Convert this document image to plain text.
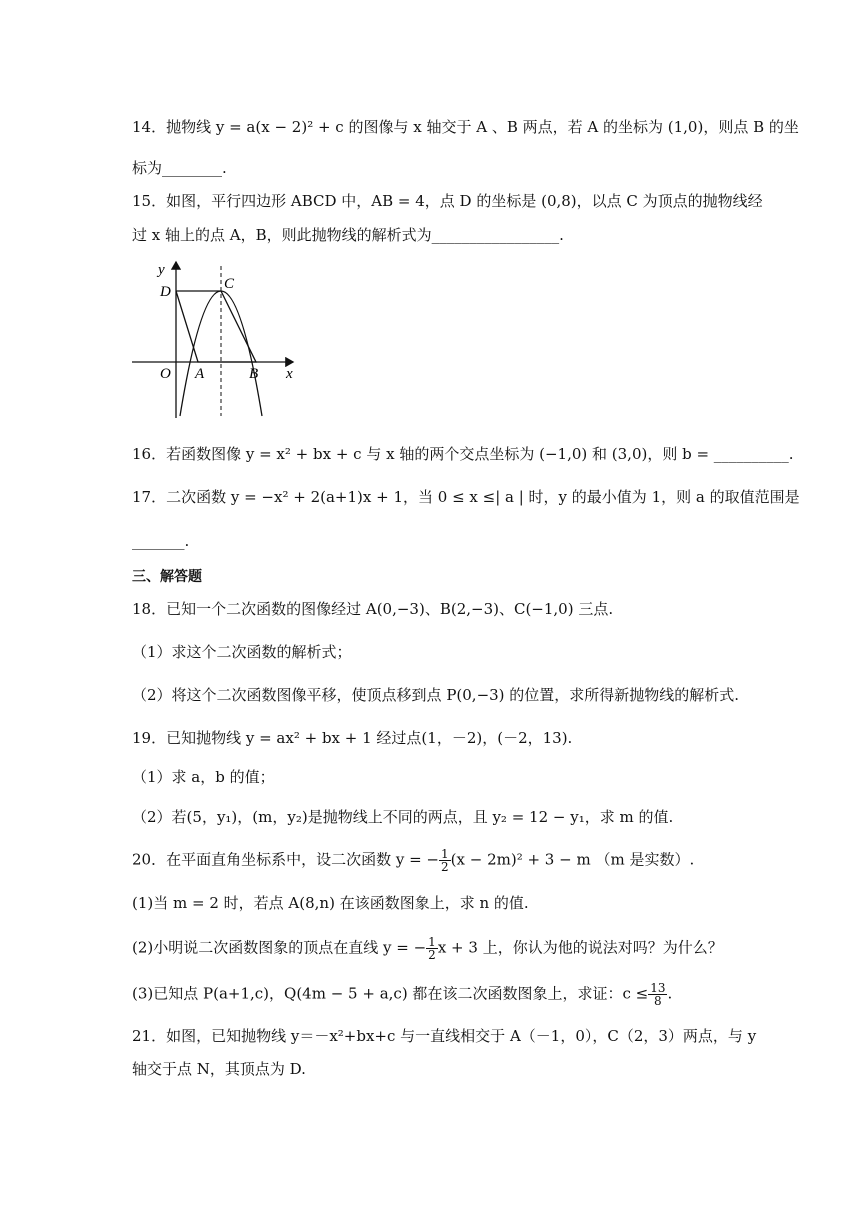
14．抛物线 y = a(x − 2)² + c 的图像与 x 轴交于 A 、B 两点，若 A 的坐标为 (1,0)，则点 B 的坐
标为________.
15．如图，平行四边形 ABCD 中，AB = 4，点 D 的坐标是 (0,8)，以点 C 为顶点的抛物线经
过 x 轴上的点 A，B，则此抛物线的解析式为_________________.
y
x
O A	B
C
D
16．若函数图像 y = x² + bx + c 与 x 轴的两个交点坐标为 (−1,0) 和 (3,0)，则 b = __________.
17．二次函数 y = −x² + 2(a+1)x + 1，当 0 ≤ x ≤| a | 时，y 的最小值为 1，则 a 的取值范围是
_______.
三、解答题
18．已知一个二次函数的图像经过 A(0,−3)、B(2,−3)、C(−1,0) 三点.
（1）求这个二次函数的解析式；
（2）将这个二次函数图像平移，使顶点移到点 P(0,−3) 的位置，求所得新抛物线的解析式.
19．已知抛物线 y = ax² + bx + 1 经过点(1，－2)，(－2，13).
（1）求 a，b 的值；
（2）若(5，y₁)，(m，y₂)是抛物线上不同的两点，且 y₂ = 12 − y₁，求 m 的值.
20．在平面直角坐标系中，设二次函数 y = − $\frac{1}{2} (x - 2m)^2 + 3 - m$ （m 是实数）.
(1)当 m = 2 时，若点 A(8,n) 在该函数图象上，求 n 的值.
(2)小明说二次函数图象的顶点在直线 y = − $\frac{1}{2}$ x + 3 上，你认为他的说法对吗？为什么？
(3)已知点 P(a+1,c)，Q(4m − 5 + a,c) 都在该二次函数图象上，求证：$c \le \frac{13}{8}$ .
21．如图，已知抛物线 y＝－x²+bx+c 与一直线相交于 A（－1，0），C（2，3）两点，与 y
轴交于点 N，其顶点为 D.
